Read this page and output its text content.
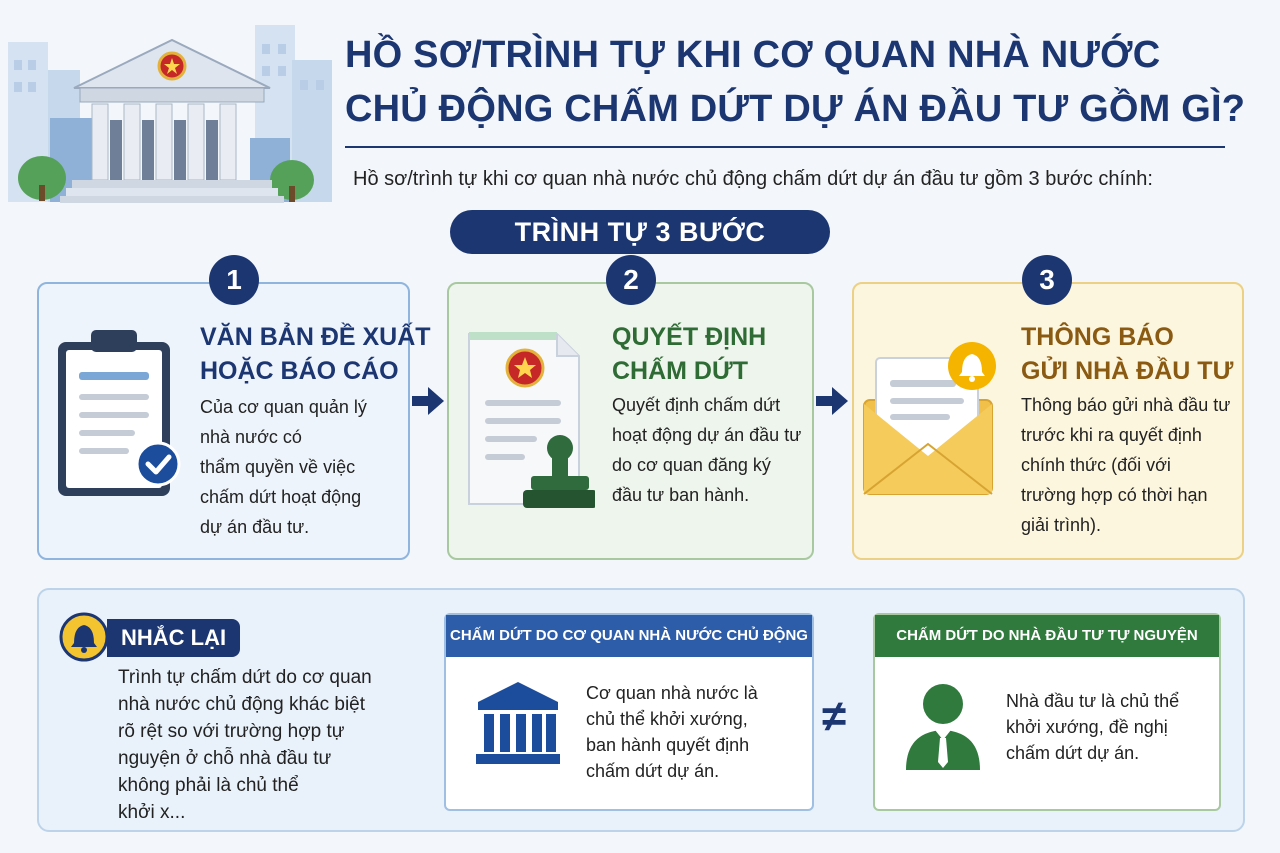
HỒ SƠ/TRÌNH TỰ KHI CƠ QUAN NHÀ NƯỚC
CHỦ ĐỘNG CHẤM DỨT DỰ ÁN ĐẦU TƯ GỒM GÌ?
Hồ sơ/trình tự khi cơ quan nhà nước chủ động chấm dứt dự án đầu tư gồm 3 bước chính:
TRÌNH TỰ 3 BƯỚC
1	2	3
VĂN BẢN ĐỀ XUẤT
HOẶC BÁO CÁO
Của cơ quan quản lý
nhà nước có
thẩm quyền về việc
chấm dứt hoạt động
dự án đầu tư.
QUYẾT ĐỊNH
CHẤM DỨT
Quyết định chấm dứt
hoạt động dự án đầu tư
do cơ quan đăng ký
đầu tư ban hành.
THÔNG BÁO
GỬI NHÀ ĐẦU TƯ
Thông báo gửi nhà đầu tư
trước khi ra quyết định
chính thức (đối với
trường hợp có thời hạn
giải trình).
NHẮC LẠI
Trình tự chấm dứt do cơ quan
nhà nước chủ động khác biệt
rõ rệt so với trường hợp tự
nguyện ở chỗ nhà đầu tư
không phải là chủ thể
khởi x...
CHẤM DỨT DO CƠ QUAN NHÀ NƯỚC CHỦ ĐỘNG
Cơ quan nhà nước là
chủ thể khởi xướng,
ban hành quyết định
chấm dứt dự án.
≠
CHẤM DỨT DO NHÀ ĐẦU TƯ TỰ NGUYỆN
Nhà đầu tư là chủ thể
khởi xướng, đề nghị
chấm dứt dự án.
